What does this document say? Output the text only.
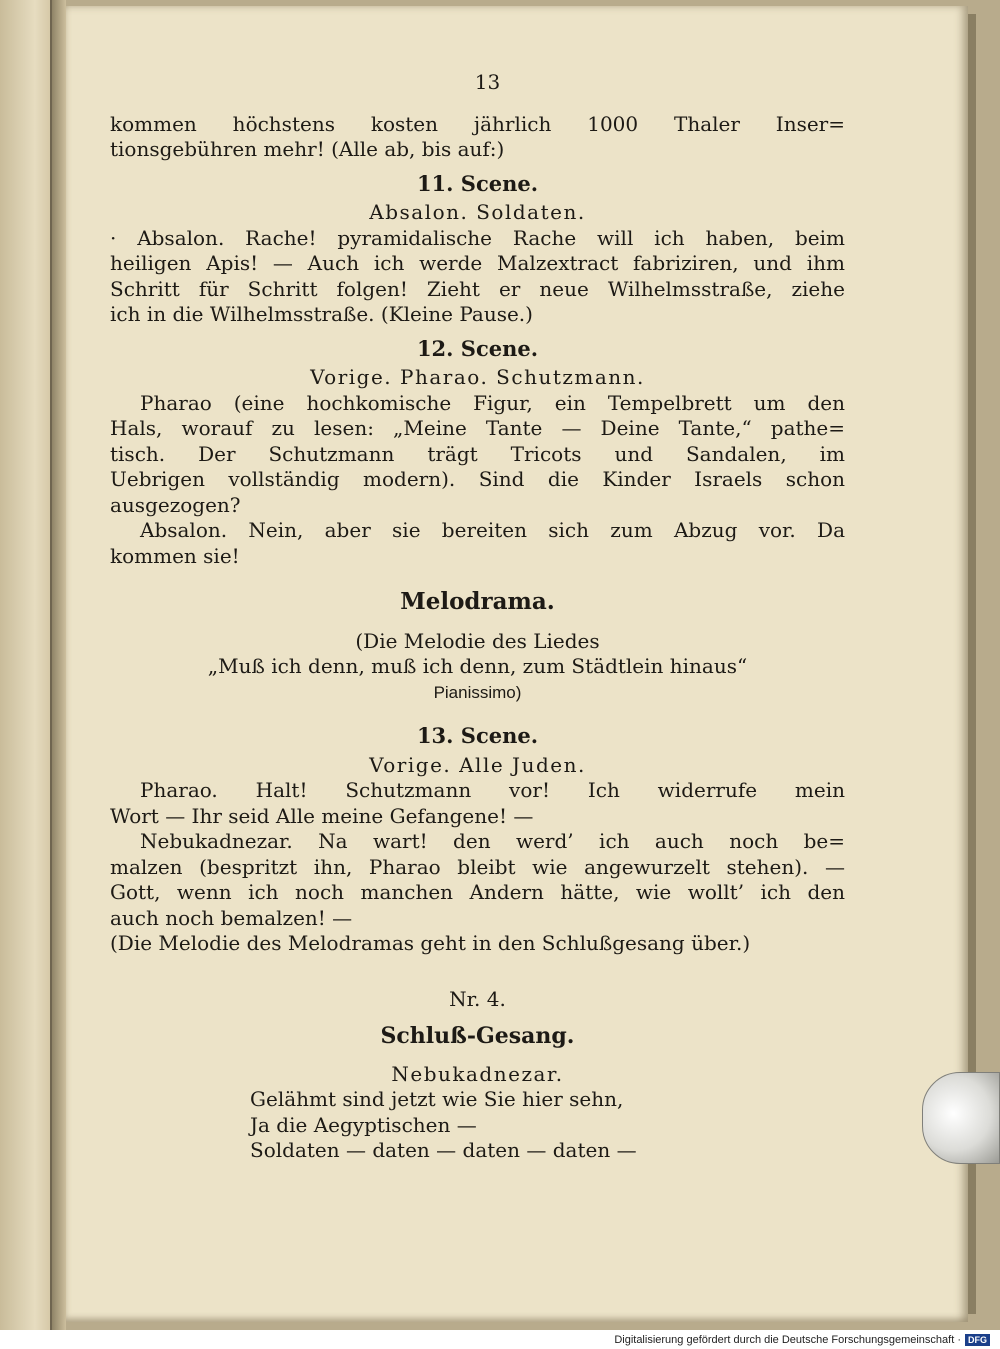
13

kommen höchstens kosten jährlich 1000 Thaler Inser=

tionsgebühren mehr! (Alle ab, bis auf:)

11. Scene.
Absalon. Soldaten.

· Absalon. Rache! pyramidalische Rache will ich haben, beim

heiligen Apis! — Auch ich werde Malzextract fabriziren, und ihm

Schritt für Schritt folgen! Zieht er neue Wilhelmsstraße, ziehe

ich in die Wilhelmsstraße. (Kleine Pause.)

12. Scene.
Vorige. Pharao. Schutzmann.

Pharao (eine hochkomische Figur, ein Tempelbrett um den

Hals, worauf zu lesen: „Meine Tante — Deine Tante,“ pathe=

tisch. Der Schutzmann trägt Tricots und Sandalen, im

Uebrigen vollständig modern). Sind die Kinder Israels schon

ausgezogen?

Absalon. Nein, aber sie bereiten sich zum Abzug vor. Da

kommen sie!

Melodrama.

(Die Melodie des Liedes

„Muß ich denn, muß ich denn, zum Städtlein hinaus“

Pianissimo)

13. Scene.
Vorige. Alle Juden.

Pharao. Halt! Schutzmann vor! Ich widerrufe mein

Wort — Ihr seid Alle meine Gefangene! —

Nebukadnezar. Na wart! den werd’ ich auch noch be=

malzen (bespritzt ihn, Pharao bleibt wie angewurzelt stehen). —

Gott, wenn ich noch manchen Andern hätte, wie wollt’ ich den

auch noch bemalzen! —

(Die Melodie des Melodramas geht in den Schlußgesang über.)

Nr. 4.
Schluß-Gesang.
Nebukadnezar.

Gelähmt sind jetzt wie Sie hier sehn,

Ja die Aegyptischen —

Soldaten — daten — daten — daten —

Digitalisierung gefördert durch die Deutsche Forschungsgemeinschaft · DFG
